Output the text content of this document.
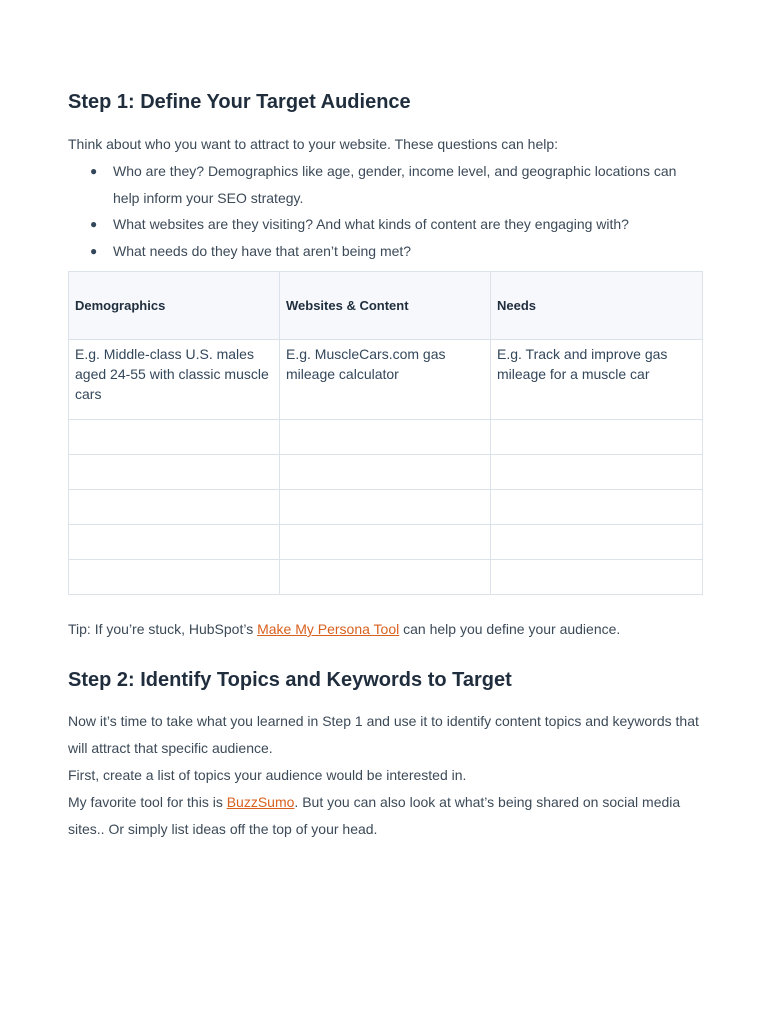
Step 1: Define Your Target Audience

Think about who you want to attract to your website. These questions can help:

● Who are they? Demographics like age, gender, income level, and geographic locations can help inform your SEO strategy.
● What websites are they visiting? And what kinds of content are they engaging with?
● What needs do they have that aren’t being met?
Demographics	Websites & Content	Needs
E.g. Middle-class U.S. males aged 24-55 with classic muscle cars	E.g. MuscleCars.com gas mileage calculator	E.g. Track and improve gas mileage for a muscle car

Tip: If you’re stuck, HubSpot’s Make My Persona Tool can help you define your audience.

Step 2: Identify Topics and Keywords to Target

Now it’s time to take what you learned in Step 1 and use it to identify content topics and keywords that will attract that specific audience.

First, create a list of topics your audience would be interested in.

My favorite tool for this is BuzzSumo. But you can also look at what’s being shared on social media sites.. Or simply list ideas off the top of your head.
